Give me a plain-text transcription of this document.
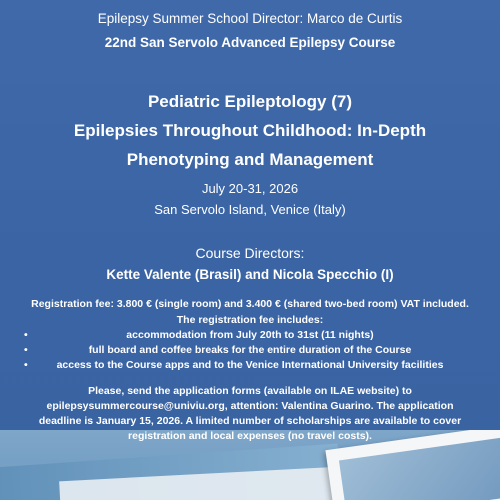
Epilepsy Summer School Director: Marco de Curtis
22nd San Servolo Advanced Epilepsy Course
Pediatric Epileptology (7)
Epilepsies Throughout Childhood: In-Depth
Phenotyping and Management
July 20-31, 2026
San Servolo Island, Venice (Italy)
Course Directors:
Kette Valente (Brasil) and Nicola Specchio (I)
Registration fee: 3.800 € (single room) and 3.400 € (shared two-bed room) VAT included.
The registration fee includes:
•	accommodation from July 20th to 31st (11 nights)
•	full board and coffee breaks for the entire duration of the Course
•	access to the Course apps and to the Venice International University facilities
Please, send the application forms (available on ILAE website) to
epilepsysummercourse@univiu.org, attention: Valentina Guarino. The application
deadline is January 15, 2026. A limited number of scholarships are available to cover
registration and local expenses (no travel costs).
